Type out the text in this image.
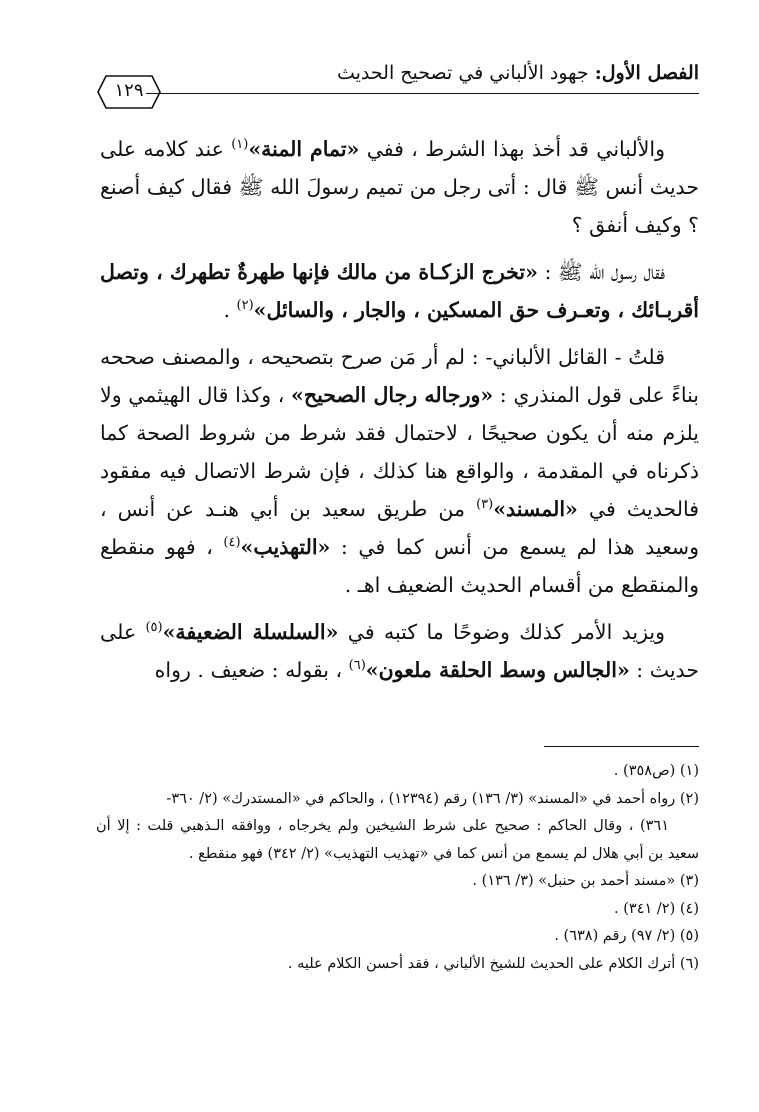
الفصل الأول: جهود الألباني في تصحيح الحديث
١٢٩

والألباني قد أخذ بهذا الشرط ، ففي «تمام المنة»$^{(١)}$ عند كلامه على حديث أنس ﷺ قال : أتى رجل من تميم رسولَ الله ﷺ فقال كيف أصنع ؟ وكيف أنفق ؟

فقال رسول الله ﷺ : «تخرج الزكـاة من مالك فإنها طهرةٌ تطهرك ، وتصل أقربـائك ، وتعـرف حق المسكين ، والجار ، والسائل»$^{(٢)}$ .

قلتُ - القائل الألباني- : لم أر مَن صرح بتصحيحه ، والمصنف صححه بناءً على قول المنذري : «ورجاله رجال الصحيح» ، وكذا قال الهيثمي ولا يلزم منه أن يكون صحيحًا ، لاحتمال فقد شرط من شروط الصحة كما ذكرناه في المقدمة ، والواقع هنا كذلك ، فإن شرط الاتصال فيه مفقود فالحديث في «المسند»$^{(٣)}$ من طريق سعيد بن أبي هنـد عن أنس ، وسعيد هذا لم يسمع من أنس كما في : «التهذيب»$^{(٤)}$ ، فهو منقطع والمنقطع من أقسام الحديث الضعيف اهـ .

ويزيد الأمر كذلك وضوحًا ما كتبه في «السلسلة الضعيفة»$^{(٥)}$ على حديث : «الجالس وسط الحلقة ملعون»$^{(٦)}$ ، بقوله : ضعيف . رواه

(١) (ص٣٥٨) .

(٢) رواه أحمد في «المسند» (٣/ ١٣٦) رقم (١٢٣٩٤) ، والحاكم في «المستدرك» (٢/ ٣٦٠-
٣٦١) ، وقال الحاكم : صحيح على شرط الشيخين ولم يخرجاه ، ووافقه الـذهبي قلت : إلا أن سعيد بن أبي هلال لم يسمع من أنس كما في «تهذيب التهذيب» (٢/ ٣٤٢) فهو منقطع .

(٣) «مسند أحمد بن حنبل» (٣/ ١٣٦) .

(٤) (٢/ ٣٤١) .

(٥) (٢/ ٩٧) رقم (٦٣٨) .

(٦) أترك الكلام على الحديث للشيخ الألباني ، فقد أحسن الكلام عليه .
